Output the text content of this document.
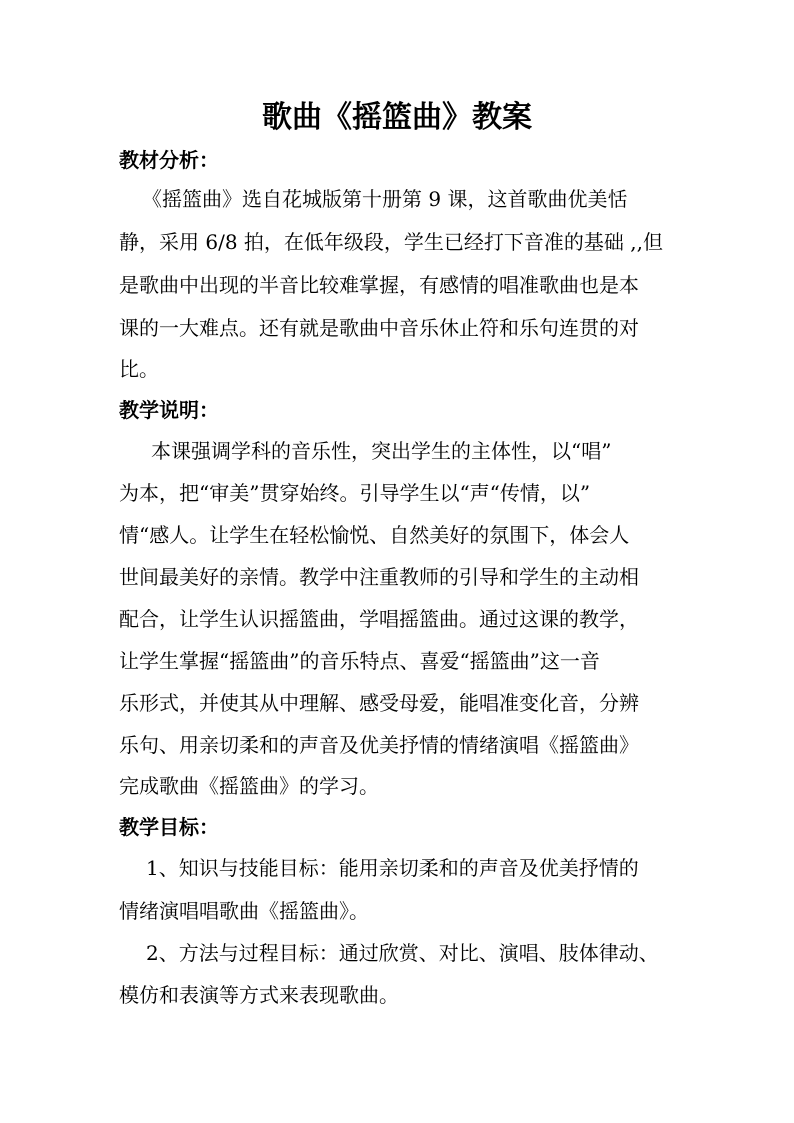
歌曲《摇篮曲》教案
教材分析：
《摇篮曲》选自花城版第十册第 9 课，这首歌曲优美恬
静，采用 6/8 拍，在低年级段，学生已经打下音准的基础 ,,但
是歌曲中出现的半音比较难掌握，有感情的唱准歌曲也是本
课的一大难点。还有就是歌曲中音乐休止符和乐句连贯的对
比。
教学说明：
本课强调学科的音乐性，突出学生的主体性，以“唱”
为本，把“审美”贯穿始终。引导学生以“声“传情，以”
情“感人。让学生在轻松愉悦、自然美好的氛围下，体会人
世间最美好的亲情。教学中注重教师的引导和学生的主动相
配合，让学生认识摇篮曲，学唱摇篮曲。通过这课的教学，
让学生掌握“摇篮曲”的音乐特点、喜爱“摇篮曲”这一音
乐形式，并使其从中理解、感受母爱，能唱准变化音，分辨
乐句、用亲切柔和的声音及优美抒情的情绪演唱《摇篮曲》
完成歌曲《摇篮曲》的学习。
教学目标：
1、知识与技能目标：能用亲切柔和的声音及优美抒情的
情绪演唱唱歌曲《摇篮曲》。
2、方法与过程目标：通过欣赏、对比、演唱、肢体律动、
模仿和表演等方式来表现歌曲。
